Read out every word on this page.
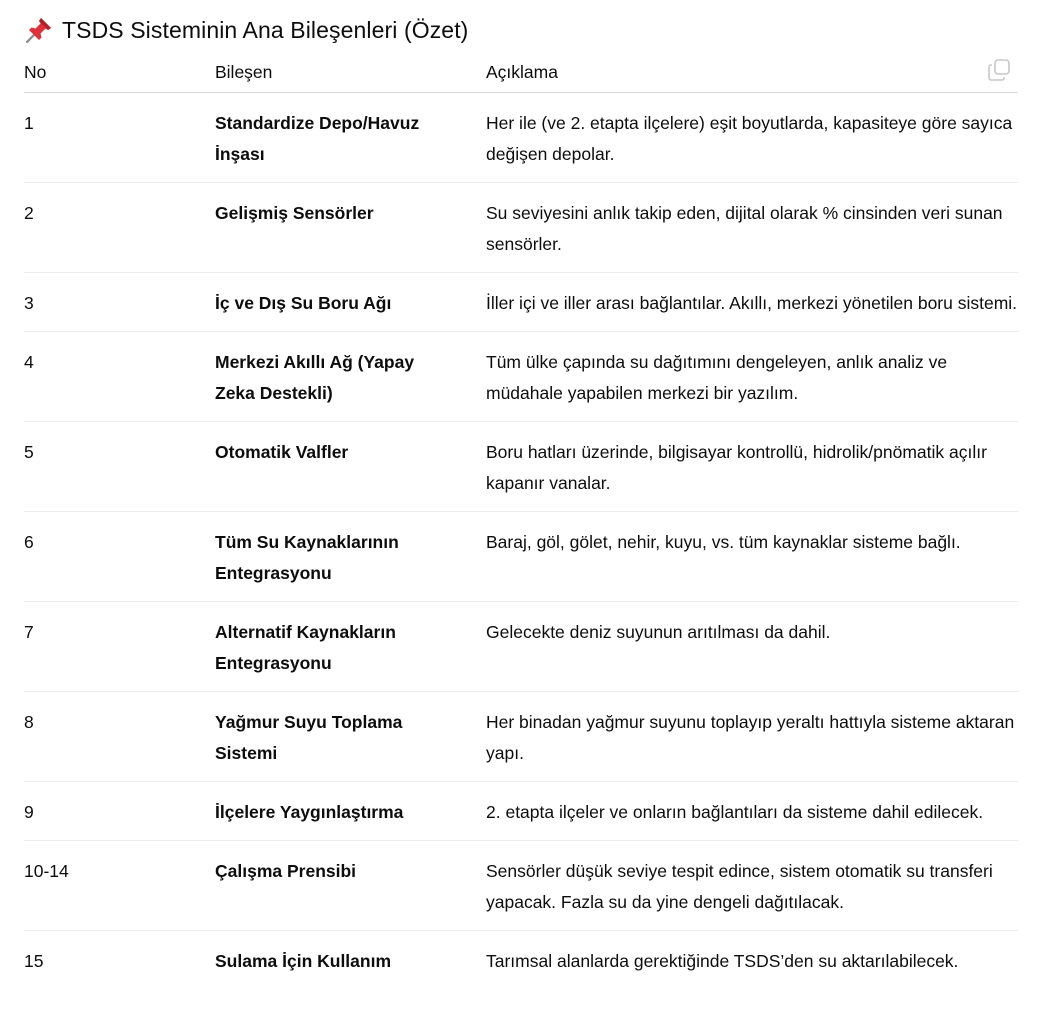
TSDS Sisteminin Ana Bileşenleri (Özet)
No	Bileşen	Açıklama
1	Standardize Depo/Havuz İnşası	Her ile (ve 2. etapta ilçelere) eşit boyutlarda, kapasiteye göre sayıca değişen depolar.
2	Gelişmiş Sensörler	Su seviyesini anlık takip eden, dijital olarak % cinsinden veri sunan sensörler.
3	İç ve Dış Su Boru Ağı	İller içi ve iller arası bağlantılar. Akıllı, merkezi yönetilen boru sistemi.
4	Merkezi Akıllı Ağ (Yapay Zeka Destekli)	Tüm ülke çapında su dağıtımını dengeleyen, anlık analiz ve müdahale yapabilen merkezi bir yazılım.
5	Otomatik Valfler	Boru hatları üzerinde, bilgisayar kontrollü, hidrolik/pnömatik açılır kapanır vanalar.
6	Tüm Su Kaynaklarının Entegrasyonu	Baraj, göl, gölet, nehir, kuyu, vs. tüm kaynaklar sisteme bağlı.
7	Alternatif Kaynakların Entegrasyonu	Gelecekte deniz suyunun arıtılması da dahil.
8	Yağmur Suyu Toplama Sistemi	Her binadan yağmur suyunu toplayıp yeraltı hattıyla sisteme aktaran yapı.
9	İlçelere Yaygınlaştırma	2. etapta ilçeler ve onların bağlantıları da sisteme dahil edilecek.
10-14	Çalışma Prensibi	Sensörler düşük seviye tespit edince, sistem otomatik su transferi yapacak. Fazla su da yine dengeli dağıtılacak.
15	Sulama İçin Kullanım	Tarımsal alanlarda gerektiğinde TSDS’den su aktarılabilecek.
